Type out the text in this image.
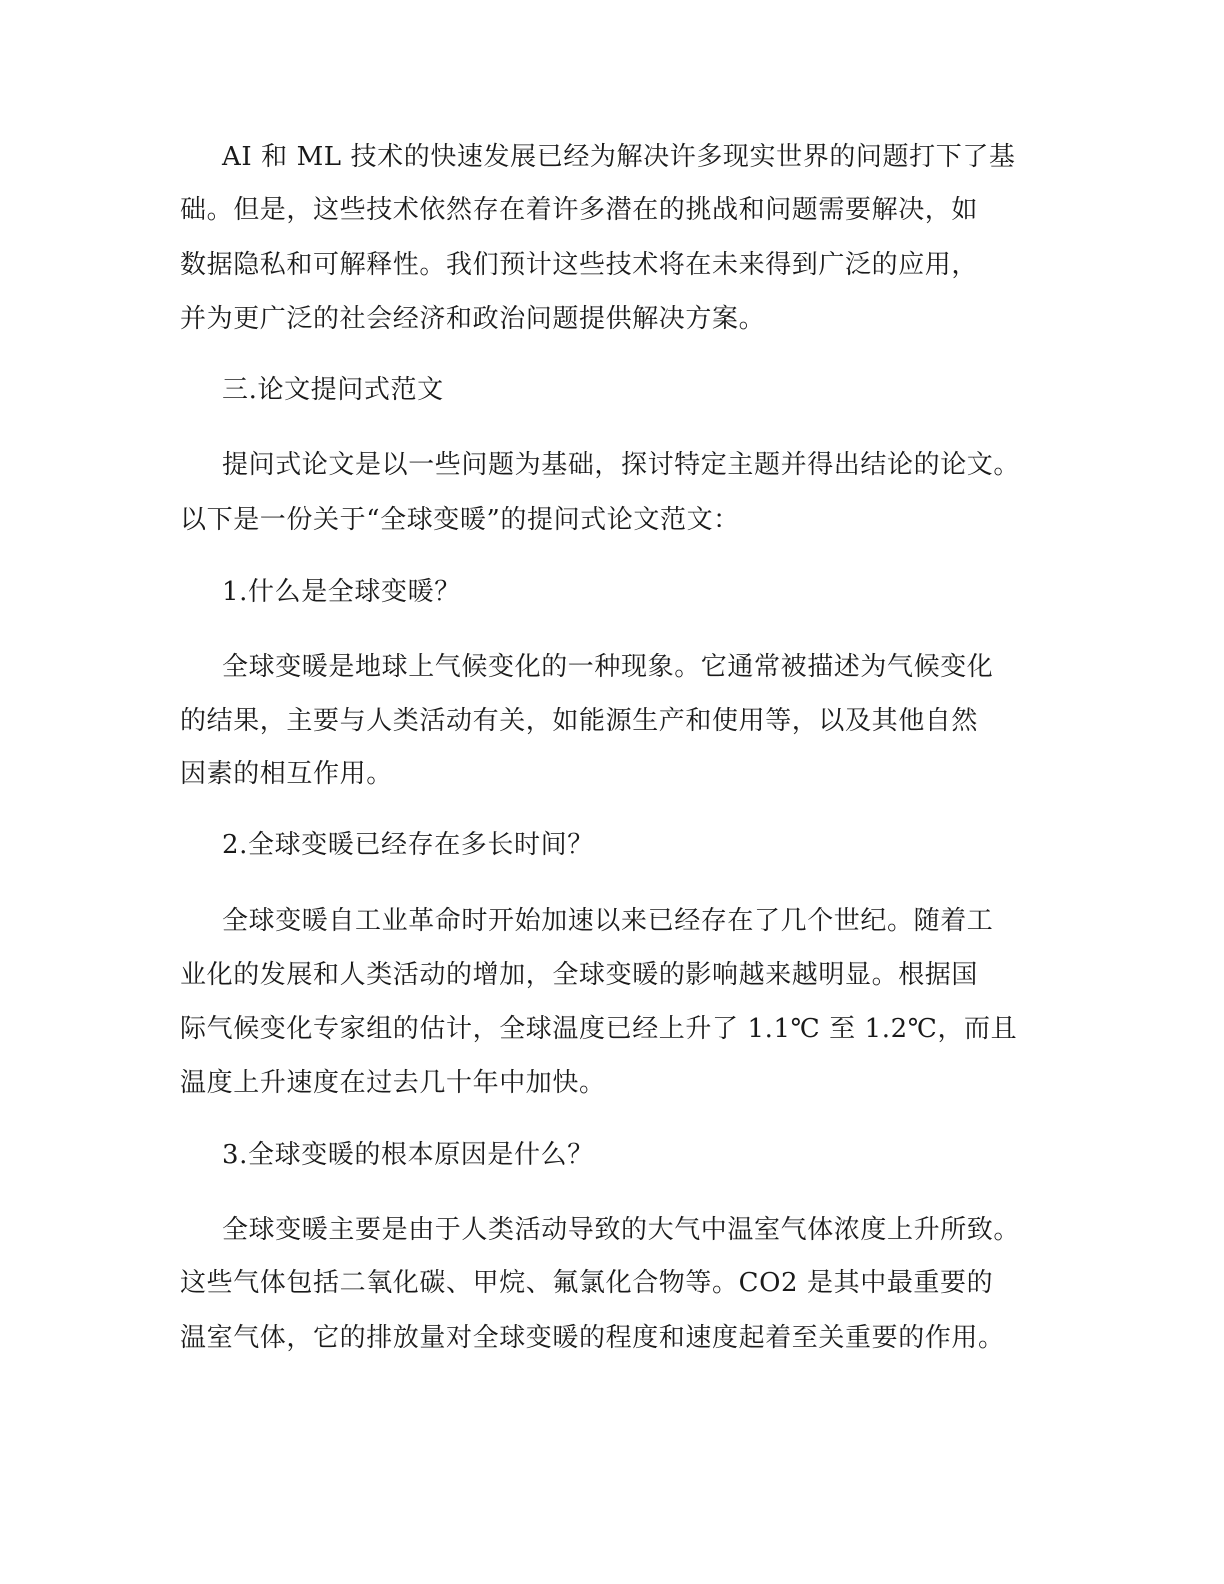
AI 和 ML 技术的快速发展已经为解决许多现实世界的问题打下了基
础。但是，这些技术依然存在着许多潜在的挑战和问题需要解决，如
数据隐私和可解释性。我们预计这些技术将在未来得到广泛的应用，
并为更广泛的社会经济和政治问题提供解决方案。
三.论文提问式范文
提问式论文是以一些问题为基础，探讨特定主题并得出结论的论文。
以下是一份关于“全球变暖”的提问式论文范文：
1.什么是全球变暖？
全球变暖是地球上气候变化的一种现象。它通常被描述为气候变化
的结果，主要与人类活动有关，如能源生产和使用等，以及其他自然
因素的相互作用。
2.全球变暖已经存在多长时间？
全球变暖自工业革命时开始加速以来已经存在了几个世纪。随着工
业化的发展和人类活动的增加，全球变暖的影响越来越明显。根据国
际气候变化专家组的估计，全球温度已经上升了 1.1℃ 至 1.2℃，而且
温度上升速度在过去几十年中加快。
3.全球变暖的根本原因是什么？
全球变暖主要是由于人类活动导致的大气中温室气体浓度上升所致。
这些气体包括二氧化碳、甲烷、氟氯化合物等。CO2 是其中最重要的
温室气体，它的排放量对全球变暖的程度和速度起着至关重要的作用。
